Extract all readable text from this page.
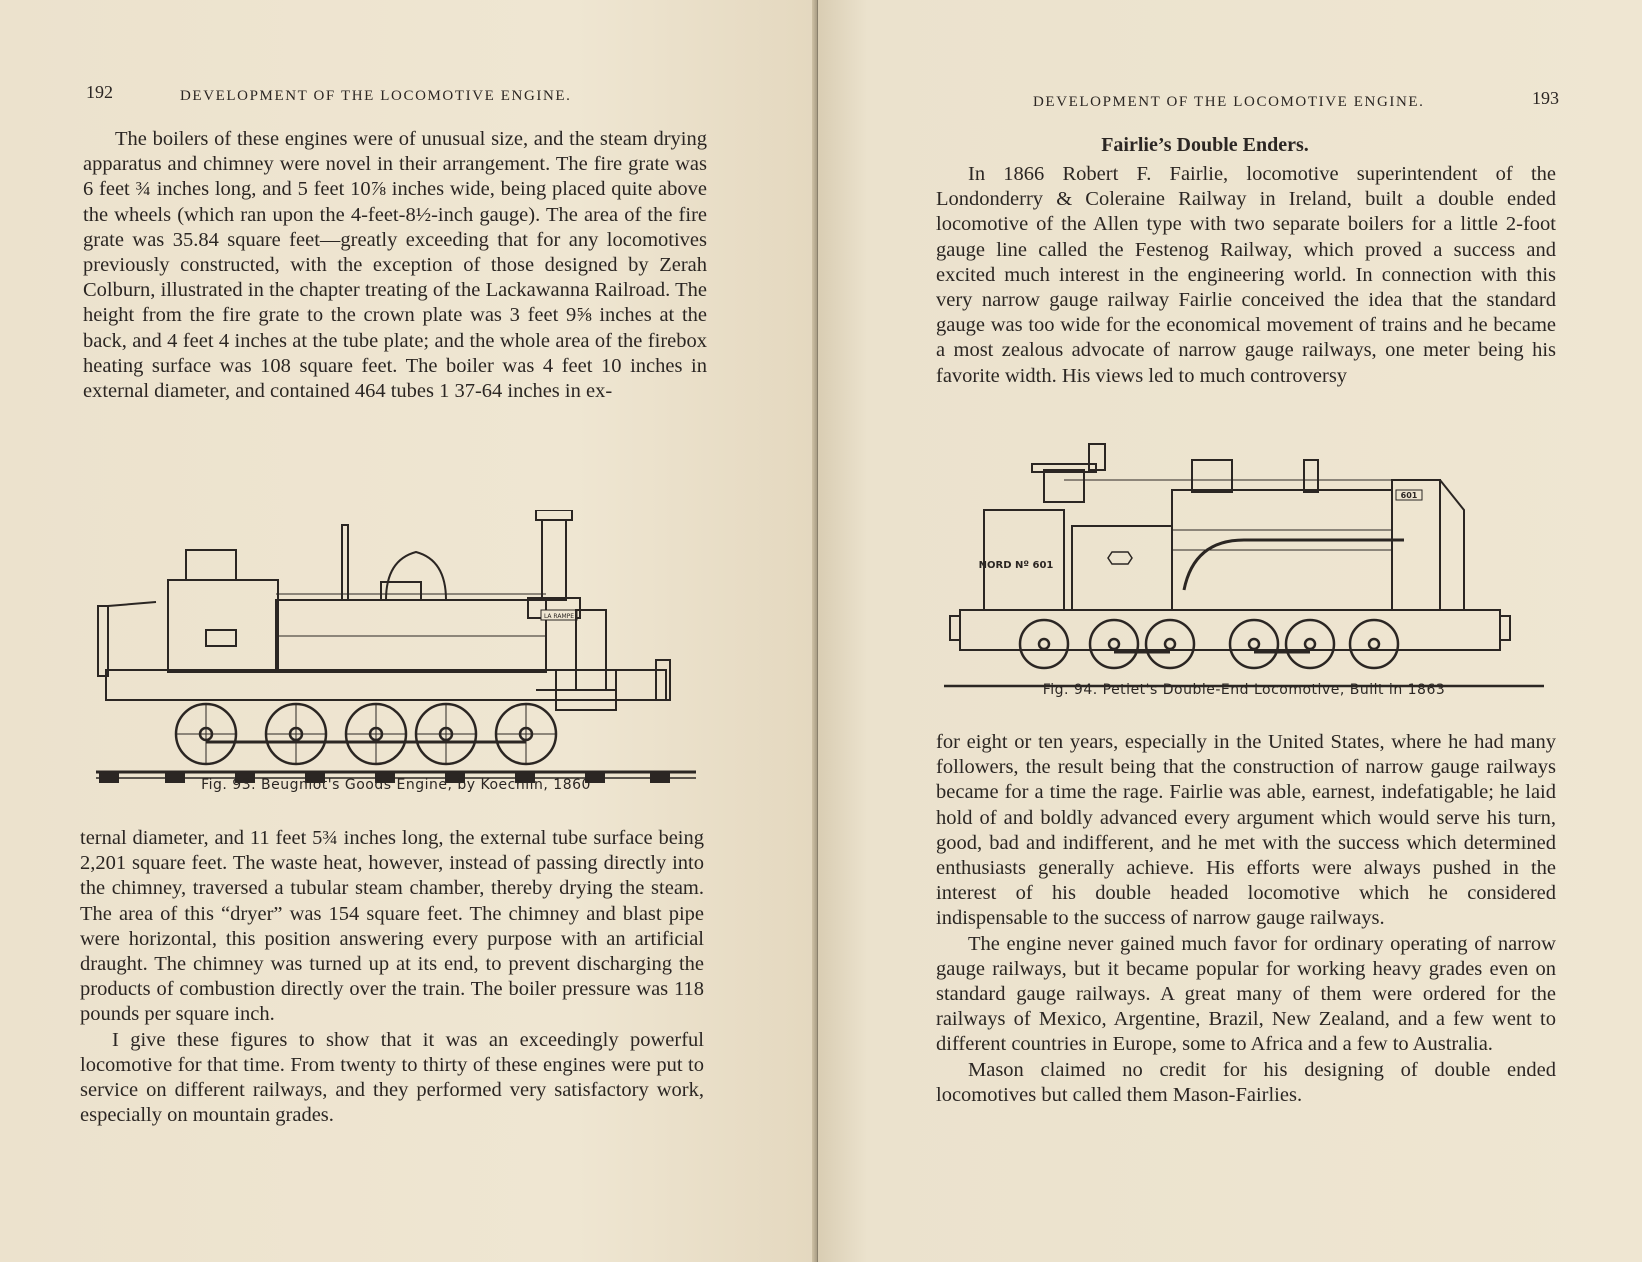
192	DEVELOPMENT OF THE LOCOMOTIVE ENGINE.

The boilers of these engines were of unusual size, and the steam drying apparatus and chimney were novel in their arrangement. The fire grate was 6 feet ¾ inches long, and 5 feet 10⅞ inches wide, being placed quite above the wheels (which ran upon the 4-feet-8½-inch gauge). The area of the fire grate was 35.84 square feet—greatly exceeding that for any locomotives previously constructed, with the exception of those designed by Zerah Colburn, illustrated in the chapter treating of the Lackawanna Railroad. The height from the fire grate to the crown plate was 3 feet 9⅝ inches at the back, and 4 feet 4 inches at the tube plate; and the whole area of the firebox heating surface was 108 square feet. The boiler was 4 feet 10 inches in external diameter, and contained 464 tubes 1 37-64 inches in ex-

LA RAMPE
Fig. 93. Beugniot's Goods Engine, by Koechlin, 1860

ternal diameter, and 11 feet 5¾ inches long, the external tube surface being 2,201 square feet. The waste heat, however, instead of passing directly into the chimney, traversed a tubular steam chamber, thereby drying the steam. The area of this “dryer” was 154 square feet. The chimney and blast pipe were horizontal, this position answering every purpose with an artificial draught. The chimney was turned up at its end, to prevent discharging the products of combustion directly over the train. The boiler pressure was 118 pounds per square inch.

I give these figures to show that it was an exceedingly powerful locomotive for that time. From twenty to thirty of these engines were put to service on different railways, and they performed very satisfactory work, especially on mountain grades.

DEVELOPMENT OF THE LOCOMOTIVE ENGINE.	193
Fairlie’s Double Enders.

In 1866 Robert F. Fairlie, locomotive superintendent of the Londonderry & Coleraine Railway in Ireland, built a double ended locomotive of the Allen type with two separate boilers for a little 2-foot gauge line called the Festenog Railway, which proved a success and excited much interest in the engineering world. In connection with this very narrow gauge railway Fairlie conceived the idea that the standard gauge was too wide for the economical movement of trains and he became a most zealous advocate of narrow gauge railways, one meter being his favorite width. His views led to much controversy

NORD Nº 601
601
Fig. 94. Petiet's Double-End Locomotive, Built in 1863

for eight or ten years, especially in the United States, where he had many followers, the result being that the construction of narrow gauge railways became for a time the rage. Fairlie was able, earnest, indefatigable; he laid hold of and boldly advanced every argument which would serve his turn, good, bad and indifferent, and he met with the success which determined enthusiasts generally achieve. His efforts were always pushed in the interest of his double headed locomotive which he considered indispensable to the success of narrow gauge railways.

The engine never gained much favor for ordinary operating of narrow gauge railways, but it became popular for working heavy grades even on standard gauge railways. A great many of them were ordered for the railways of Mexico, Argentine, Brazil, New Zealand, and a few went to different countries in Europe, some to Africa and a few to Australia.

Mason claimed no credit for his designing of double ended locomotives but called them Mason-Fairlies.
